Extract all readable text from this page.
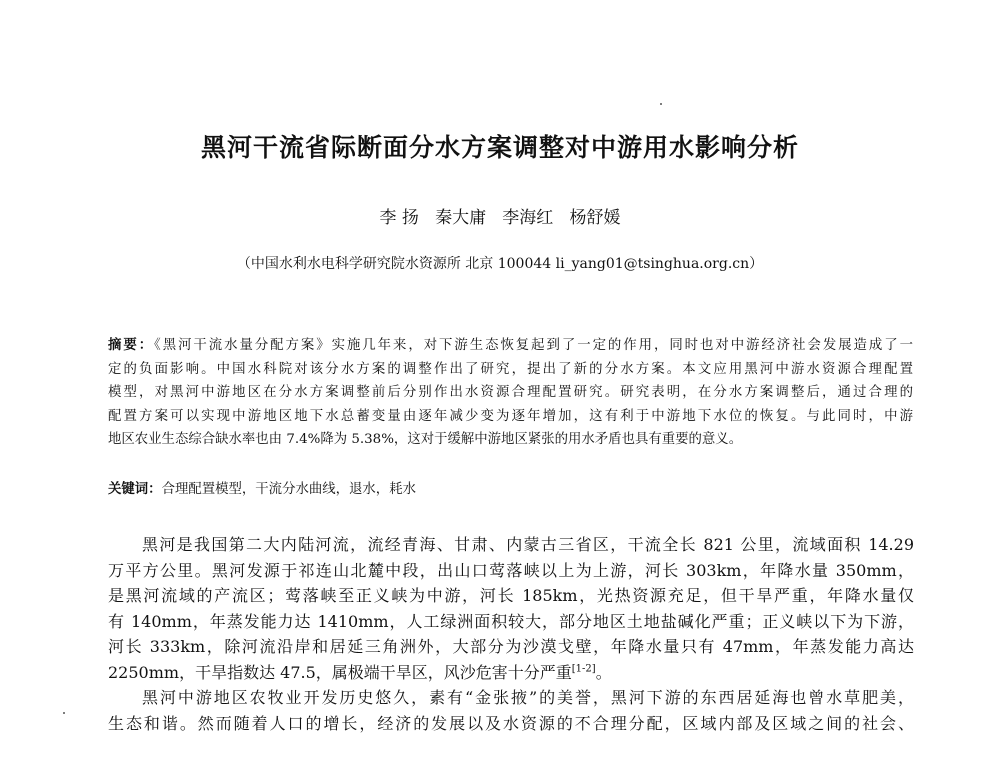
黑河干流省际断面分水方案调整对中游用水影响分析
李 扬   秦大庸   李海红   杨舒媛
（中国水利水电科学研究院水资源所 北京 100044 li_yang01@tsinghua.org.cn）
摘要：《黑河干流水量分配方案》实施几年来，对下游生态恢复起到了一定的作用，同时也对中游经济社会发展造成了一
定的负面影响。中国水科院对该分水方案的调整作出了研究，提出了新的分水方案。本文应用黑河中游水资源合理配置
模型，对黑河中游地区在分水方案调整前后分别作出水资源合理配置研究。研究表明，在分水方案调整后，通过合理的
配置方案可以实现中游地区地下水总蓄变量由逐年减少变为逐年增加，这有利于中游地下水位的恢复。与此同时，中游
地区农业生态综合缺水率也由 7.4%降为 5.38%，这对于缓解中游地区紧张的用水矛盾也具有重要的意义。
关键词：合理配置模型，干流分水曲线，退水，耗水
黑河是我国第二大内陆河流，流经青海、甘肃、内蒙古三省区，干流全长 821 公里，流域面积 14.29
万平方公里。黑河发源于祁连山北麓中段，出山口莺落峡以上为上游，河长 303km，年降水量 350mm，
是黑河流域的产流区；莺落峡至正义峡为中游，河长 185km，光热资源充足，但干旱严重，年降水量仅
有 140mm，年蒸发能力达 1410mm，人工绿洲面积较大，部分地区土地盐碱化严重；正义峡以下为下游，
河长 333km，除河流沿岸和居延三角洲外，大部分为沙漠戈壁，年降水量只有 47mm，年蒸发能力高达
2250mm，干旱指数达 47.5，属极端干旱区，风沙危害十分严重[1-2]。
黑河中游地区农牧业开发历史悠久，素有“金张掖”的美誉，黑河下游的东西居延海也曾水草肥美，
生态和谐。然而随着人口的增长，经济的发展以及水资源的不合理分配，区域内部及区域之间的社会、
